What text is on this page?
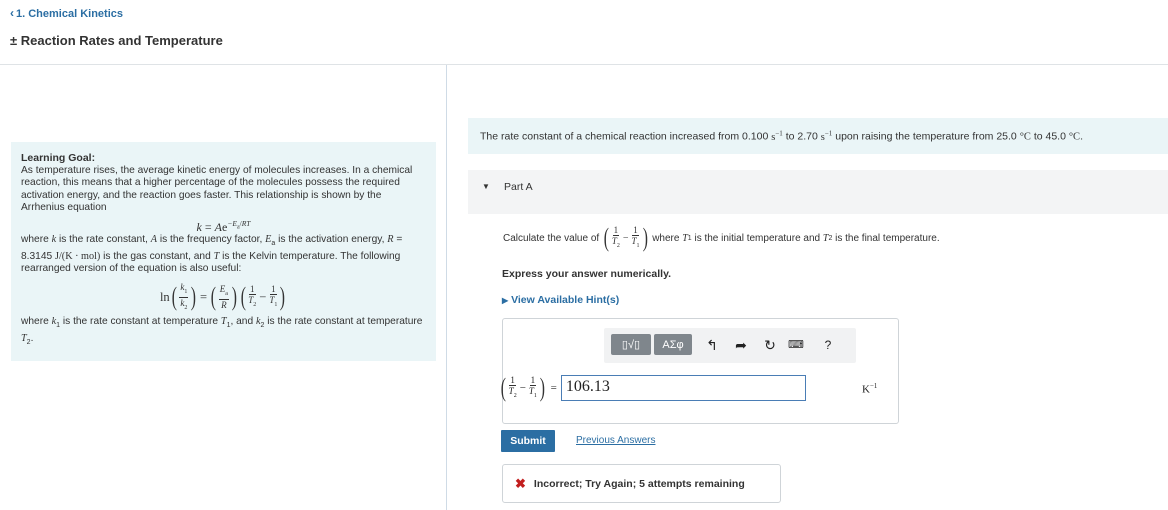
‹ 1. Chemical Kinetics
± Reaction Rates and Temperature
Learning Goal:
As temperature rises, the average kinetic energy of molecules increases. In a chemical reaction, this means that a higher percentage of the molecules possess the required activation energy, and the reaction goes faster. This relationship is shown by the Arrhenius equation
$k = Ae^{-E_a/RT}$
where k is the rate constant, A is the frequency factor, $E_a$ is the activation energy, R = 8.3145 J/(K · mol) is the gas constant, and T is the Kelvin temperature. The following rearranged version of the equation is also useful:
ln ( $\frac{k_1}{k_2}$ ) = ( $\frac{E_a}{R}$ ) ( $\frac{1}{T_2} - \frac{1}{T_1}$ )
where $k_1$ is the rate constant at temperature $T_1$, and $k_2$ is the rate constant at temperature $T_2$.
The rate constant of a chemical reaction increased from 0.100 $s^{-1}$ to 2.70 $s^{-1}$ upon raising the temperature from 25.0 °C to 45.0 °C.
▼ Part A
Calculate the value of ( $\frac{1}{T_2} - \frac{1}{T_1}$ ) where
T 1
is the initial temperature and
T 2
is the final temperature.
Express your answer numerically.
▶ View Available Hint(s)
▯√▯ ΑΣφ ↰ ➦ ↻ ⌨	?
( $\frac{1}{T_2} - \frac{1}{T_1}$ ) = 106.13	$K^{-1}$
Submit	Previous Answers
✖ Incorrect; Try Again; 5 attempts remaining
